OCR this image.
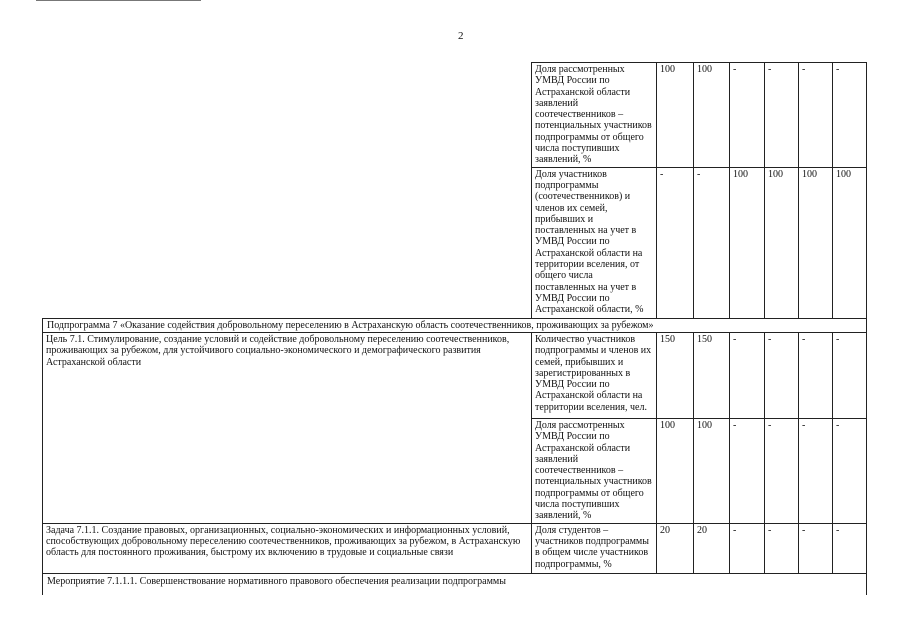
2
	Доля рассмотренных УМВД России по Астраханской области заявлений соотечественников – потенциальных участников подпрограммы от общего числа поступивших заявлений, %	100	100	-	-	-	-
	Доля участников подпрограммы (соотечественников) и членов их семей, прибывших и поставленных на учет в УМВД России по Астраханской области на территории вселения, от общего числа поставленных на учет в УМВД России по Астраханской области, %	-	-	100	100	100	100
Подпрограмма 7 «Оказание содействия добровольному переселению в Астраханскую область соотечественников, проживающих за рубежом»							
Цель 7.1. Стимулирование, создание условий и содействие добровольному переселению соотечественников, проживающих за рубежом, для устойчивого социально-экономического и демографического развития Астраханской области	Количество участников подпрограммы и членов их семей, прибывших и зарегистрированных в УМВД России по Астраханской области на территории вселения, чел.	150	150	-	-	-	-
	Доля рассмотренных УМВД России по Астраханской области заявлений соотечественников – потенциальных участников подпрограммы от общего числа поступивших заявлений, %	100	100	-	-	-	-
Задача 7.1.1. Создание правовых, организационных, социально-экономических и информационных условий, способствующих добровольному переселению соотечественников, проживающих за рубежом, в Астраханскую область для постоянного проживания, быстрому их включению в трудовые и социальные связи	Доля студентов – участников подпрограммы в общем числе участников подпрограммы, %	20	20	-	-	-	-
Мероприятие 7.1.1.1. Совершенствование нормативного правового обеспечения реализации подпрограммы							
